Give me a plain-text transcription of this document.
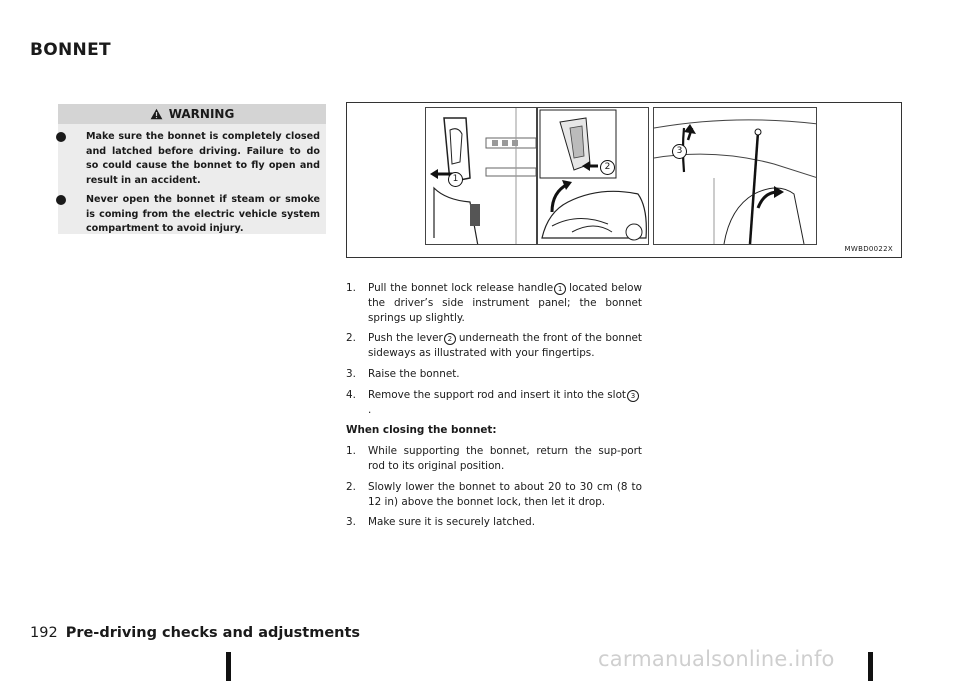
BONNET
WARNING
Make sure the bonnet is completely closed and latched before driving. Failure to do so could cause the bonnet to fly open and result in an accident.
Never open the bonnet if steam or smoke is coming from the electric vehicle system compartment to avoid injury.
1
2
3
MWBD0022X
1. Pull the bonnet lock release handle 1 located below the driver’s side instrument panel; the bonnet springs up slightly.
2. Push the lever 2 underneath the front of the bonnet sideways as illustrated with your fingertips.
3. Raise the bonnet.
4. Remove the support rod and insert it into the slot 3.
When closing the bonnet:
1. While supporting the bonnet, return the sup-port rod to its original position.
2. Slowly lower the bonnet to about 20 to 30 cm (8 to 12 in) above the bonnet lock, then let it drop.
3. Make sure it is securely latched.
192 Pre-driving checks and adjustments
carmanualsonline.info
